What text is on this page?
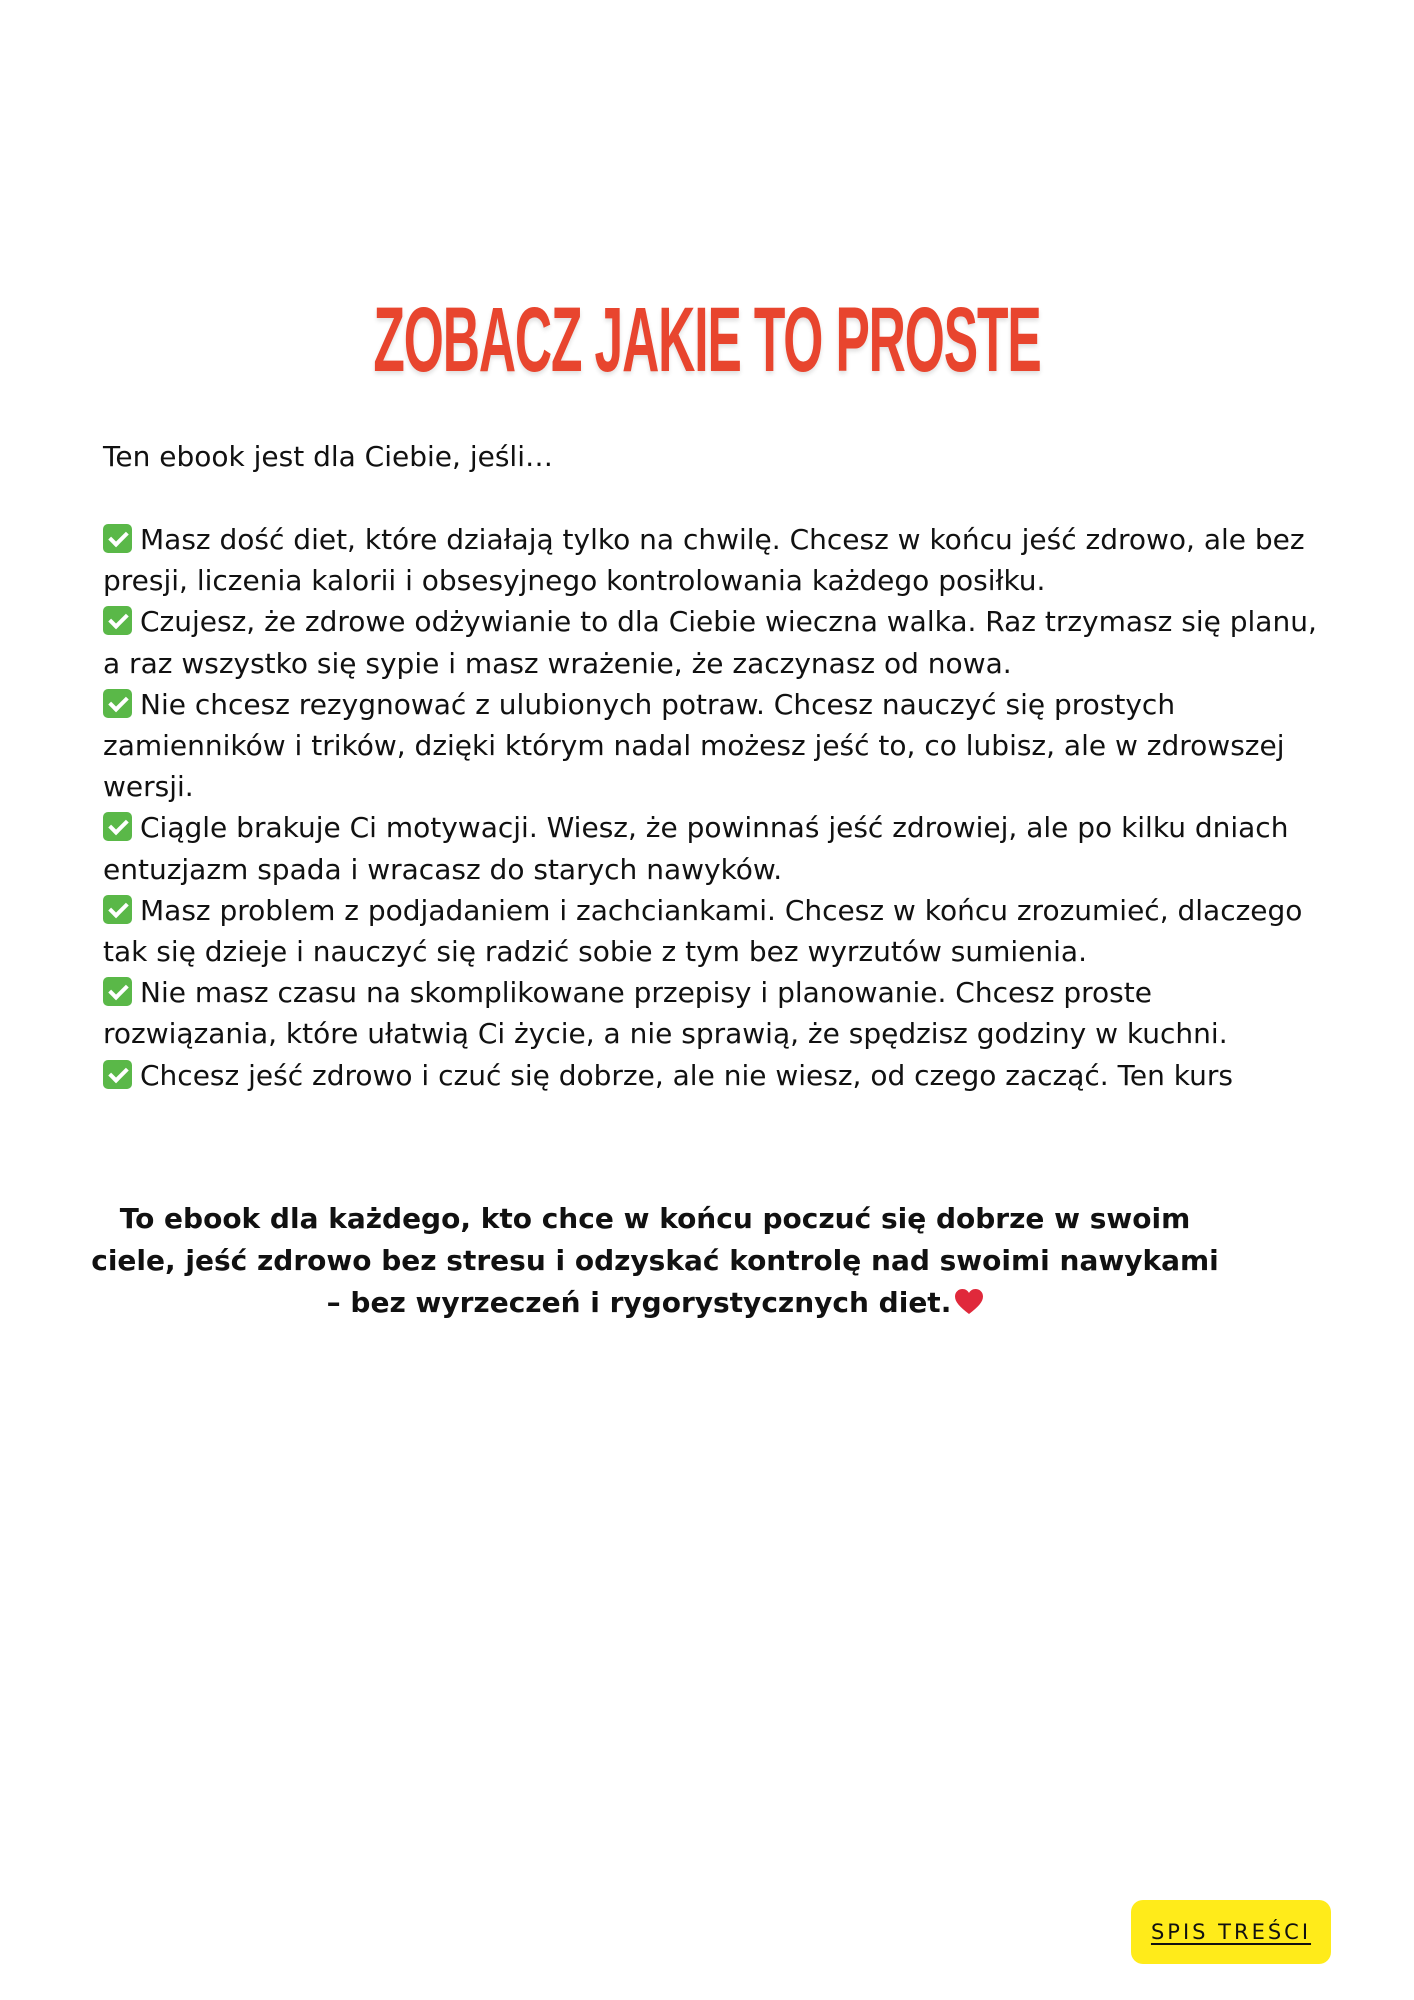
ZOBACZ JAKIE TO PROSTE
Ten ebook jest dla Ciebie, jeśli…
Masz dość diet, które działają tylko na chwilę. Chcesz w końcu jeść zdrowo, ale bez presji, liczenia kalorii i obsesyjnego kontrolowania każdego posiłku.
Czujesz, że zdrowe odżywianie to dla Ciebie wieczna walka. Raz trzymasz się planu, a raz wszystko się sypie i masz wrażenie, że zaczynasz od nowa.
Nie chcesz rezygnować z ulubionych potraw. Chcesz nauczyć się prostych zamienników i trików, dzięki którym nadal możesz jeść to, co lubisz, ale w zdrowszej wersji.
Ciągle brakuje Ci motywacji. Wiesz, że powinnaś jeść zdrowiej, ale po kilku dniach entuzjazm spada i wracasz do starych nawyków.
Masz problem z podjadaniem i zachciankami. Chcesz w końcu zrozumieć, dlaczego tak się dzieje i nauczyć się radzić sobie z tym bez wyrzutów sumienia.
Nie masz czasu na skomplikowane przepisy i planowanie. Chcesz proste rozwiązania, które ułatwią Ci życie, a nie sprawią, że spędzisz godziny w kuchni.
Chcesz jeść zdrowo i czuć się dobrze, ale nie wiesz, od czego zacząć. Ten kurs

To ebook dla każdego, kto chce w końcu poczuć się dobrze w swoim ciele, jeść zdrowo bez stresu i odzyskać kontrolę nad swoimi nawykami – bez wyrzeczeń i rygorystycznych diet.

SPIS TREŚCI
